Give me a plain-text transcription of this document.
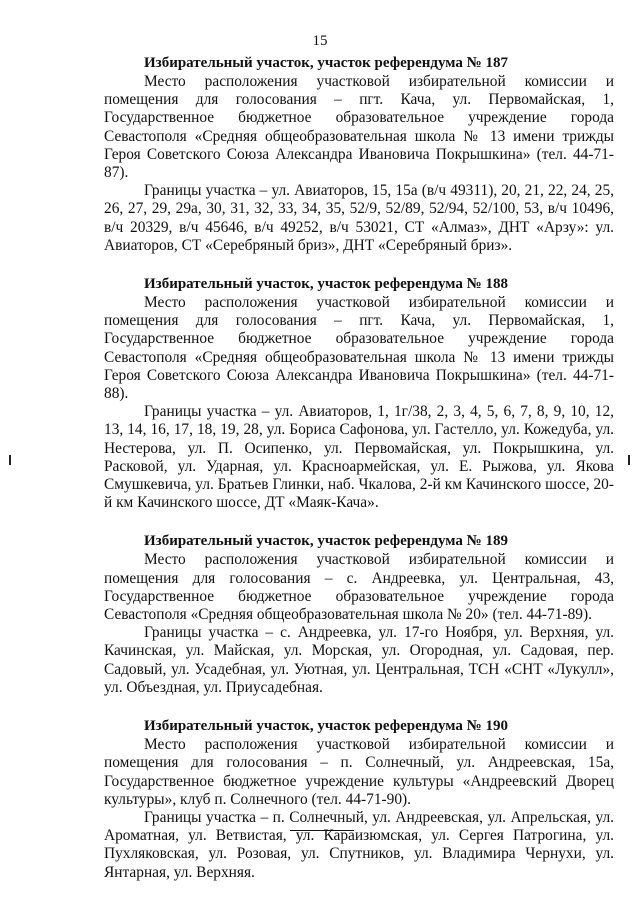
15

Избирательный участок, участок референдума № 187

Место расположения участковой избирательной комиссии и помещения для голосования – пгт. Кача, ул. Первомайская, 1, Государственное бюджетное образовательное учреждение города Севастополя «Средняя общеобразовательная школа № 13 имени трижды Героя Советского Союза Александра Ивановича Покрышкина» (тел. 44-71-87).

Границы участка – ул. Авиаторов, 15, 15а (в/ч 49311), 20, 21, 22, 24, 25, 26, 27, 29, 29а, 30, 31, 32, 33, 34, 35, 52/9, 52/89, 52/94, 52/100, 53, в/ч 10496, в/ч 20329, в/ч 45646, в/ч 49252, в/ч 53021, СТ «Алмаз», ДНТ «Арзу»: ул. Авиаторов, СТ «Серебряный бриз», ДНТ «Серебряный бриз».

Избирательный участок, участок референдума № 188

Место расположения участковой избирательной комиссии и помещения для голосования – пгт. Кача, ул. Первомайская, 1, Государственное бюджетное образовательное учреждение города Севастополя «Средняя общеобразовательная школа № 13 имени трижды Героя Советского Союза Александра Ивановича Покрышкина» (тел. 44-71-88).

Границы участка – ул. Авиаторов, 1, 1г/38, 2, 3, 4, 5, 6, 7, 8, 9, 10, 12, 13, 14, 16, 17, 18, 19, 28, ул. Бориса Сафонова, ул. Гастелло, ул. Кожедуба, ул. Нестерова, ул. П. Осипенко, ул. Первомайская, ул. Покрышкина, ул. Расковой, ул. Ударная, ул. Красноармейская, ул. Е. Рыжова, ул. Якова Смушкевича, ул. Братьев Глинки, наб. Чкалова, 2-й км Качинского шоссе, 20-й км Качинского шоссе, ДТ «Маяк-Кача».

Избирательный участок, участок референдума № 189

Место расположения участковой избирательной комиссии и помещения для голосования – с. Андреевка, ул. Центральная, 43, Государственное бюджетное образовательное учреждение города Севастополя «Средняя общеобразовательная школа № 20» (тел. 44-71-89).

Границы участка – с. Андреевка, ул. 17-го Ноября, ул. Верхняя, ул. Качинская, ул. Майская, ул. Морская, ул. Огородная, ул. Садовая, пер. Садовый, ул. Усадебная, ул. Уютная, ул. Центральная, ТСН «СНТ «Лукулл», ул. Объездная, ул. Приусадебная.

Избирательный участок, участок референдума № 190

Место расположения участковой избирательной комиссии и помещения для голосования – п. Солнечный, ул. Андреевская, 15а, Государственное бюджетное учреждение культуры «Андреевский Дворец культуры», клуб п. Солнечного (тел. 44-71-90).

Границы участка – п. Солнечный, ул. Андреевская, ул. Апрельская, ул. Ароматная, ул. Ветвистая, ул. Караизюмская, ул. Сергея Патрогина, ул. Пухляковская, ул. Розовая, ул. Спутников, ул. Владимира Чернухи, ул. Янтарная, ул. Верхняя.
